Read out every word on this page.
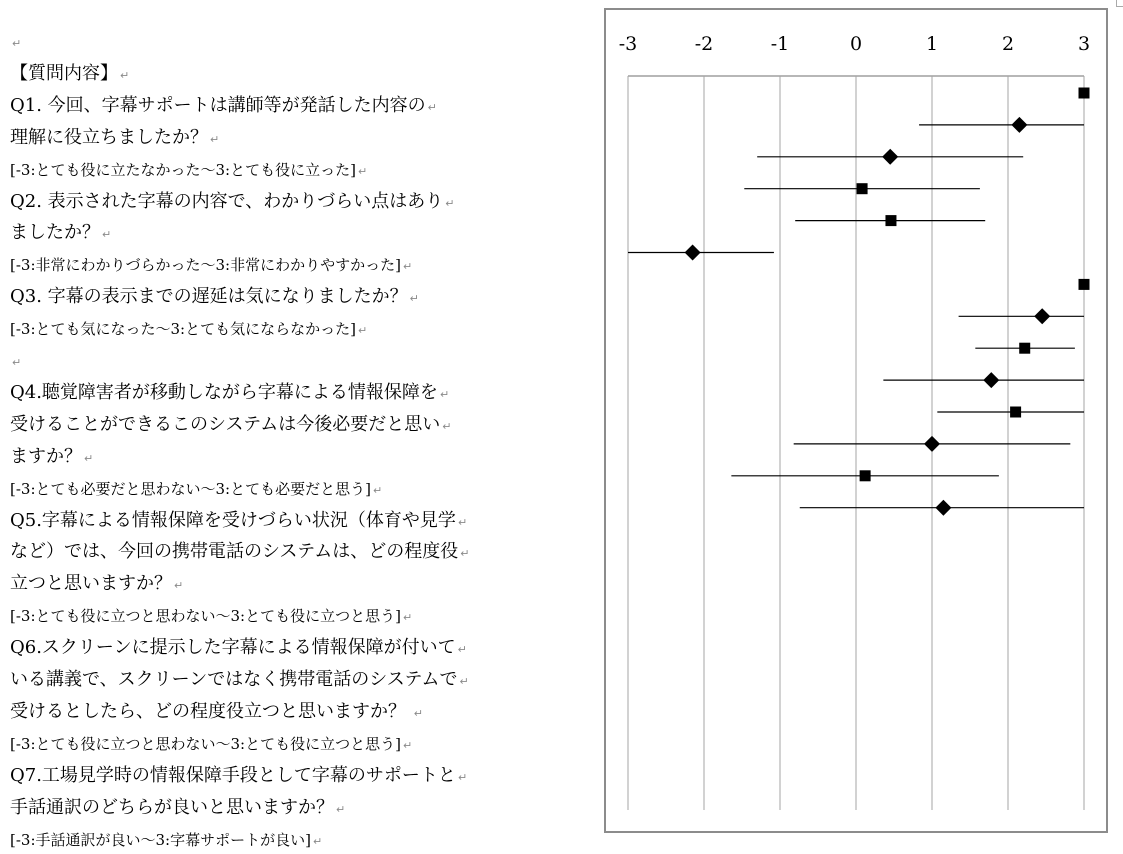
↵
【質問内容】 ↵
Q1. 今回、字幕サポートは講師等が発話した内容の ↵
理解に役立ちましたか？ ↵
[-3:とても役に立たなかった～3:とても役に立った] ↵
Q2. 表示された字幕の内容で、わかりづらい点はあり ↵
ましたか？ ↵
[-3:非常にわかりづらかった～3:非常にわかりやすかった] ↵
Q3. 字幕の表示までの遅延は気になりましたか？ ↵
[-3:とても気になった～3:とても気にならなかった] ↵
↵
Q4.聴覚障害者が移動しながら字幕による情報保障を ↵
受けることができるこのシステムは今後必要だと思い ↵
ますか？ ↵
[-3:とても必要だと思わない～3:とても必要だと思う] ↵
Q5.字幕による情報保障を受けづらい状況（体育や見学 ↵
など）では、今回の携帯電話のシステムは、どの程度役 ↵
立つと思いますか？ ↵
[-3:とても役に立つと思わない～3:とても役に立つと思う] ↵
Q6.スクリーンに提示した字幕による情報保障が付いて ↵
いる講義で、スクリーンではなく携帯電話のシステムで ↵
受けるとしたら、どの程度役立つと思いますか？ ↵
[-3:とても役に立つと思わない～3:とても役に立つと思う] ↵
Q7.工場見学時の情報保障手段として字幕のサポートと ↵
手話通訳のどちらが良いと思いますか？ ↵
[-3:手話通訳が良い～3:字幕サポートが良い] ↵
-3	-2	-1	0	1	2	3
